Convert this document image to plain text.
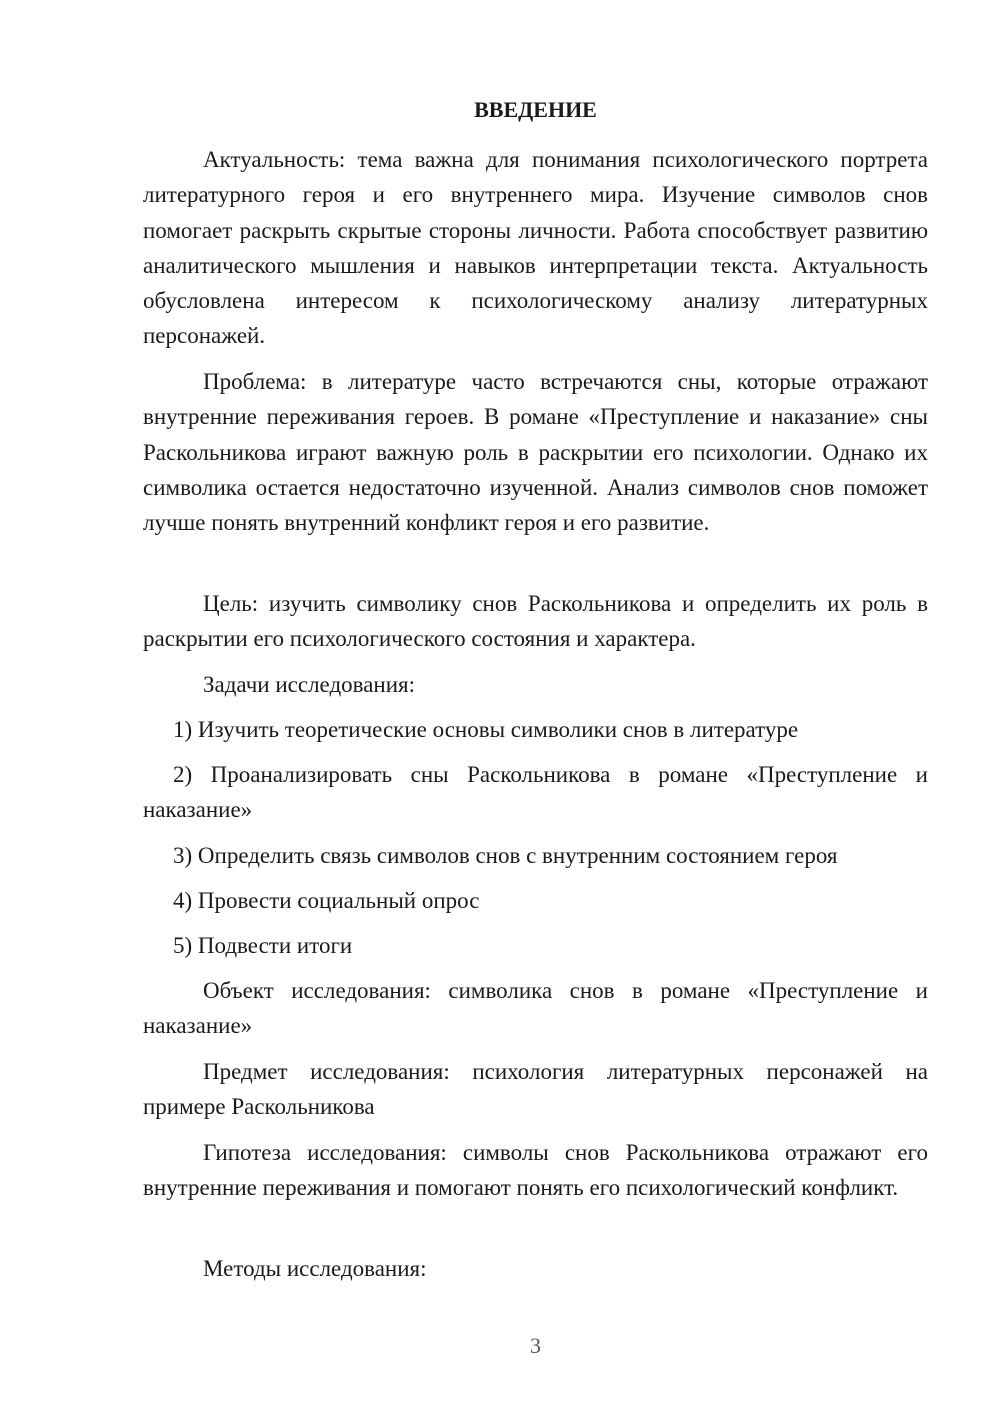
ВВЕДЕНИЕ

Актуальность: тема важна для понимания психологического портрета литературного героя и его внутреннего мира. Изучение символов снов помогает раскрыть скрытые стороны личности. Работа способствует развитию аналитического мышления и навыков интерпретации текста. Актуальность обусловлена интересом к психологическому анализу литературных персонажей.

Проблема: в литературе часто встречаются сны, которые отражают внутренние переживания героев. В романе «Преступление и наказание» сны Раскольникова играют важную роль в раскрытии его психологии. Однако их символика остается недостаточно изученной. Анализ символов снов поможет лучше понять внутренний конфликт героя и его развитие.

Цель: изучить символику снов Раскольникова и определить их роль в раскрытии его психологического состояния и характера.

Задачи исследования:

1) Изучить теоретические основы символики снов в литературе

2) Проанализировать сны Раскольникова в романе «Преступление и наказание»

3) Определить связь символов снов с внутренним состоянием героя

4) Провести социальный опрос

5) Подвести итоги

Объект исследования: символика снов в романе «Преступление и наказание»

Предмет исследования: психология литературных персонажей на примере Раскольникова

Гипотеза исследования: символы снов Раскольникова отражают его внутренние переживания и помогают понять его психологический конфликт.

Методы исследования:

3
